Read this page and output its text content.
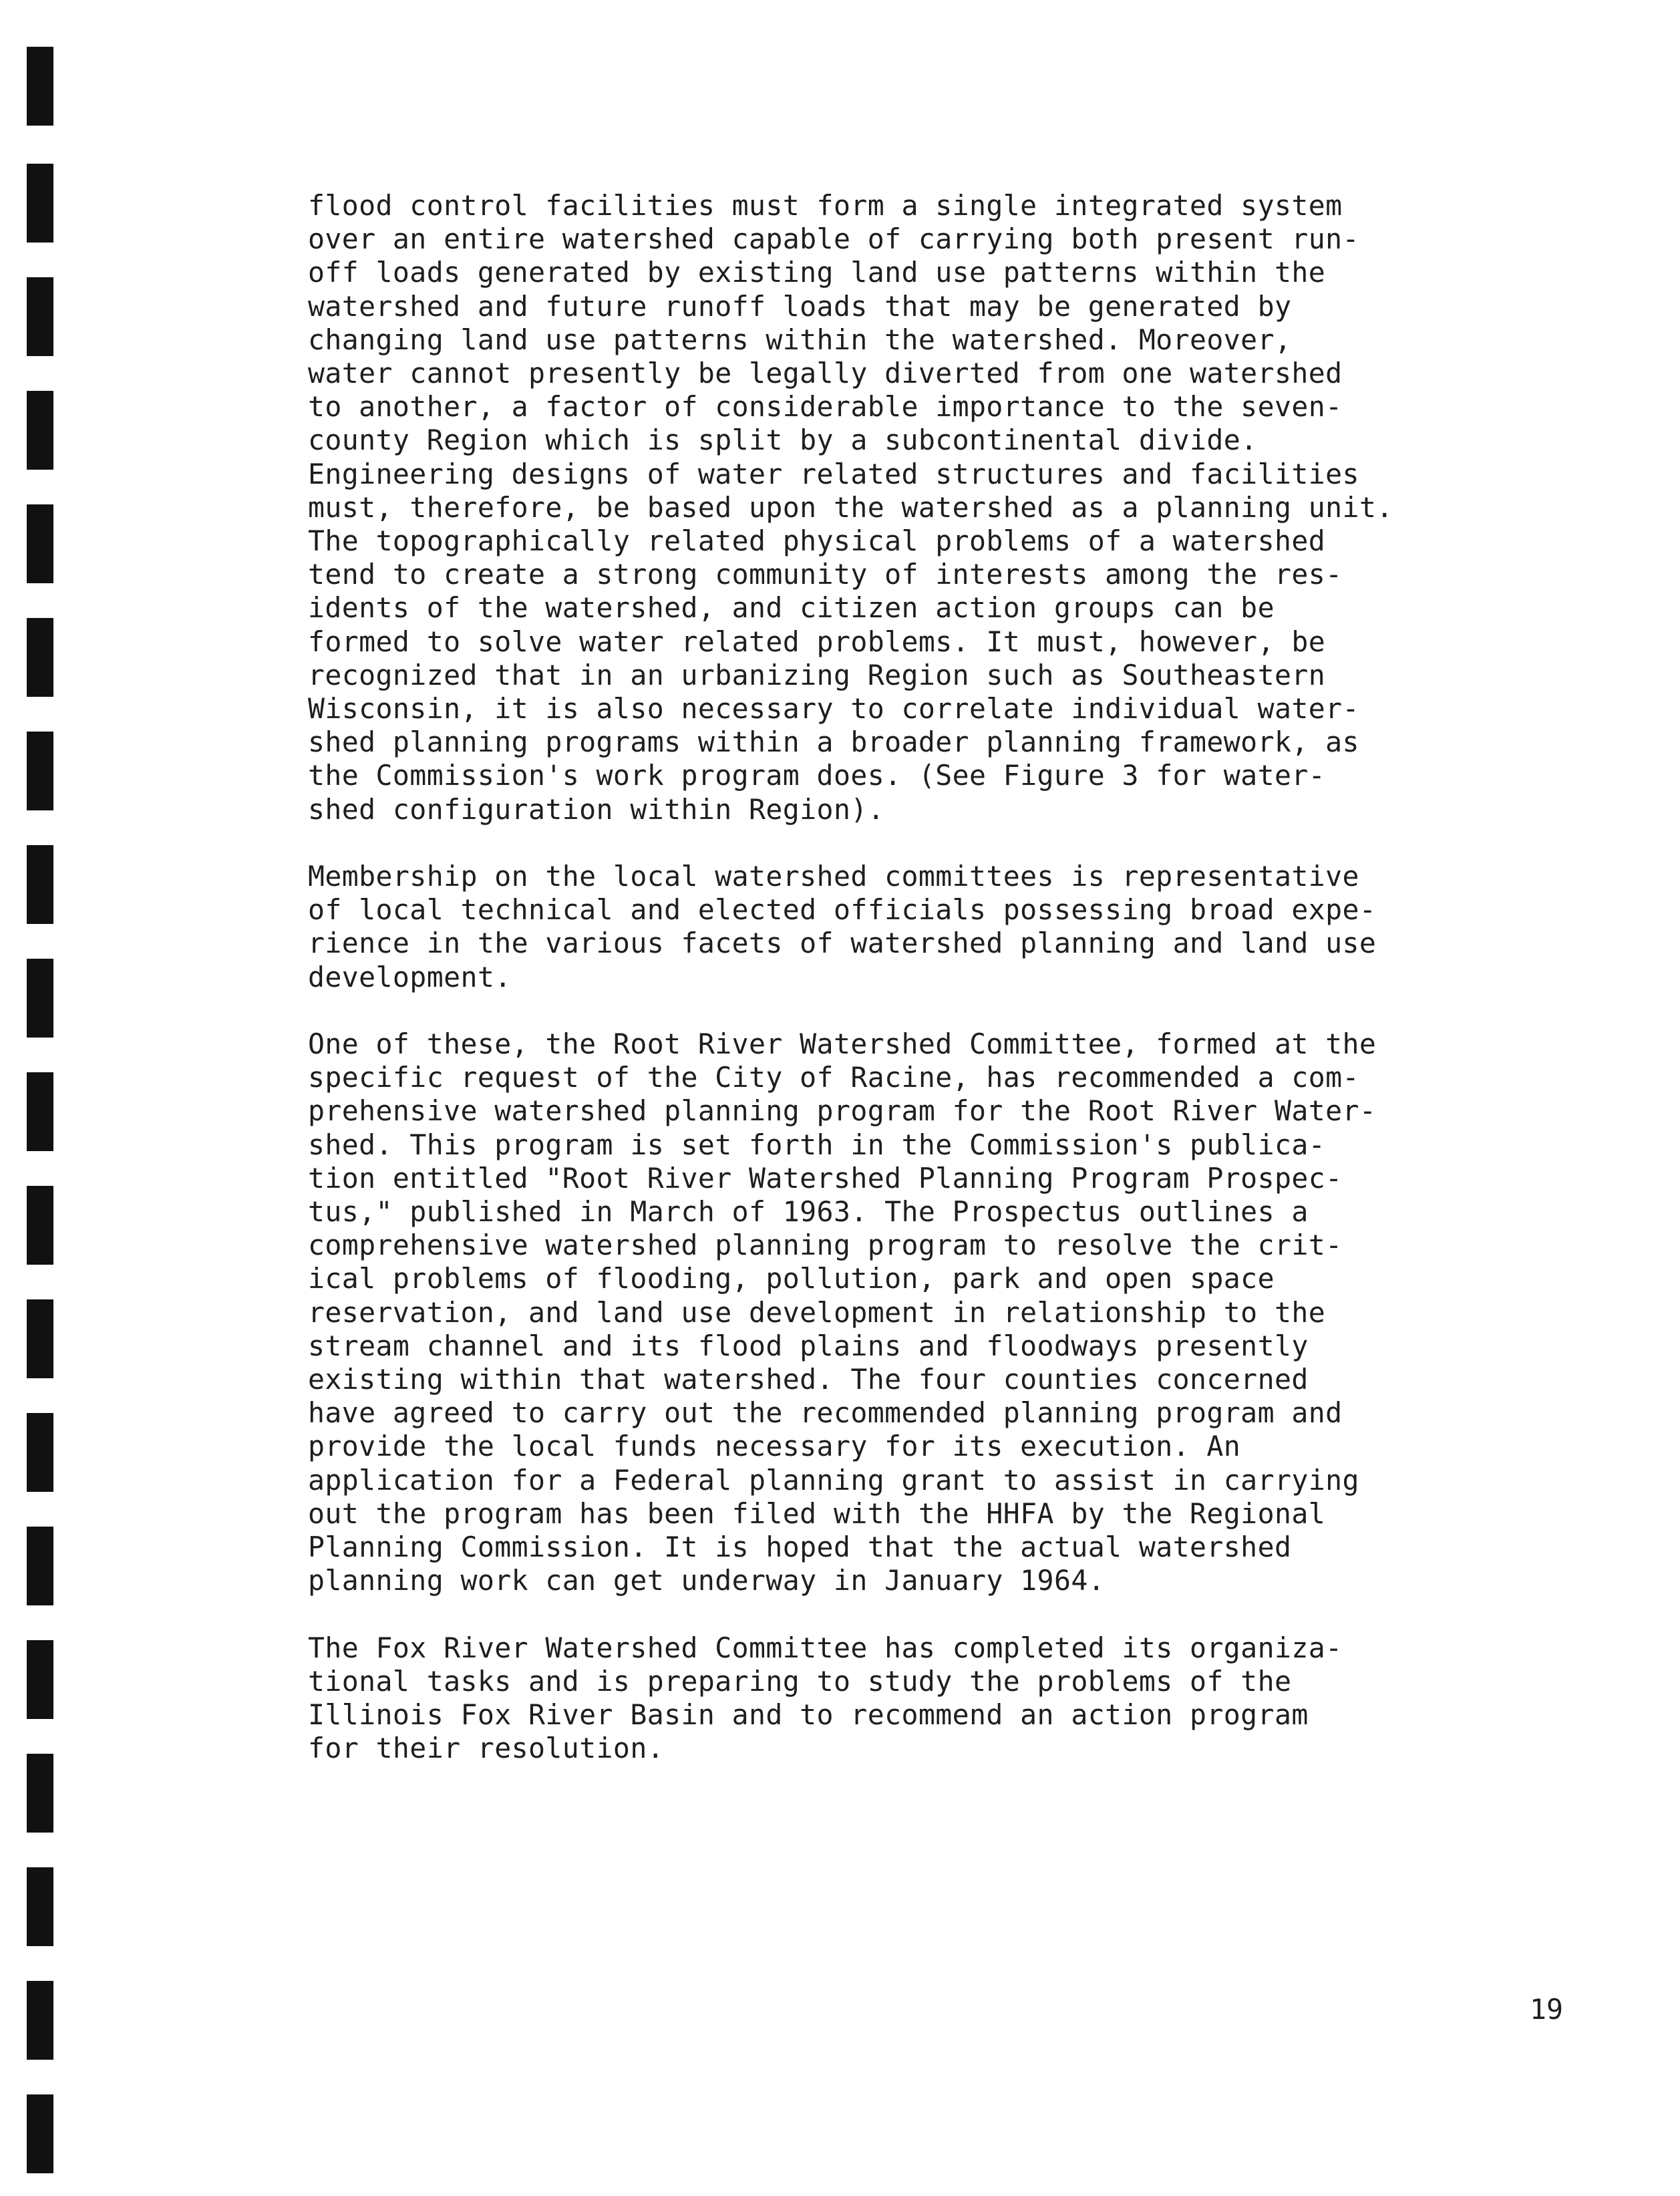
flood control facilities must form a single integrated system
over an entire watershed capable of carrying both present run-
off loads generated by existing land use patterns within the
watershed and future runoff loads that may be generated by
changing land use patterns within the watershed. Moreover,
water cannot presently be legally diverted from one watershed
to another, a factor of considerable importance to the seven-
county Region which is split by a subcontinental divide.
Engineering designs of water related structures and facilities
must, therefore, be based upon the watershed as a planning unit.
The topographically related physical problems of a watershed
tend to create a strong community of interests among the res-
idents of the watershed, and citizen action groups can be
formed to solve water related problems. It must, however, be
recognized that in an urbanizing Region such as Southeastern
Wisconsin, it is also necessary to correlate individual water-
shed planning programs within a broader planning framework, as
the Commission's work program does. (See Figure 3 for water-
shed configuration within Region).

Membership on the local watershed committees is representative
of local technical and elected officials possessing broad expe-
rience in the various facets of watershed planning and land use
development.

One of these, the Root River Watershed Committee, formed at the
specific request of the City of Racine, has recommended a com-
prehensive watershed planning program for the Root River Water-
shed. This program is set forth in the Commission's publica-
tion entitled "Root River Watershed Planning Program Prospec-
tus," published in March of 1963. The Prospectus outlines a
comprehensive watershed planning program to resolve the crit-
ical problems of flooding, pollution, park and open space
reservation, and land use development in relationship to the
stream channel and its flood plains and floodways presently
existing within that watershed. The four counties concerned
have agreed to carry out the recommended planning program and
provide the local funds necessary for its execution. An
application for a Federal planning grant to assist in carrying
out the program has been filed with the HHFA by the Regional
Planning Commission. It is hoped that the actual watershed
planning work can get underway in January 1964.

The Fox River Watershed Committee has completed its organiza-
tional tasks and is preparing to study the problems of the
Illinois Fox River Basin and to recommend an action program
for their resolution.

19
